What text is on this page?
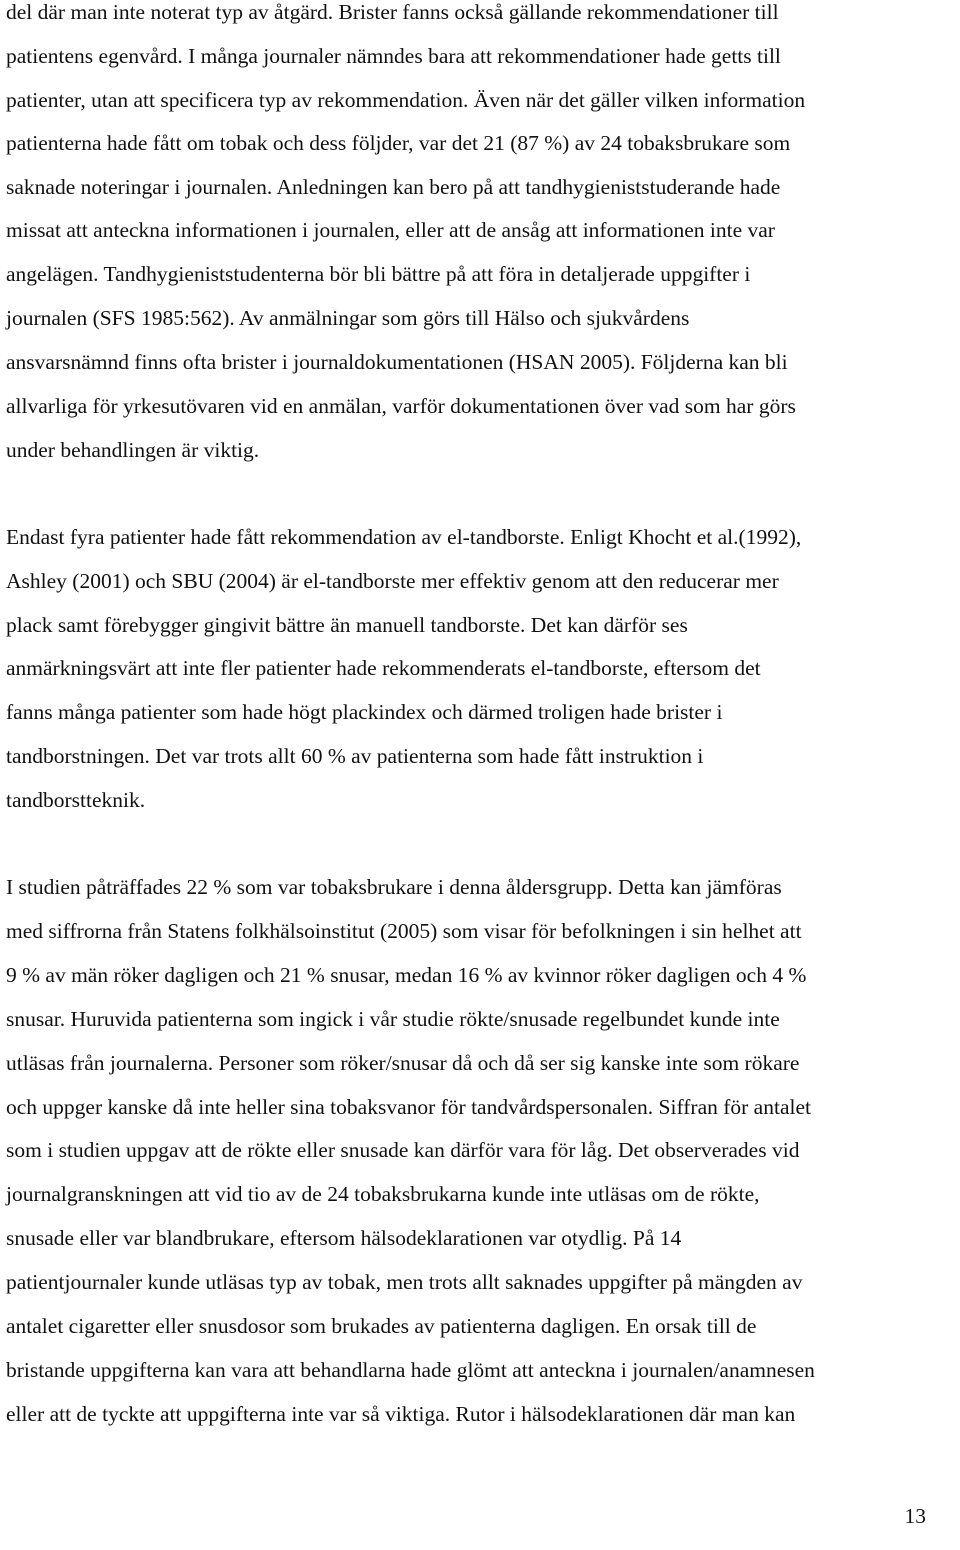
del där man inte noterat typ av åtgärd. Brister fanns också gällande rekommendationer till
patientens egenvård. I många journaler nämndes bara att rekommendationer hade getts till
patienter, utan att specificera typ av rekommendation. Även när det gäller vilken information
patienterna hade fått om tobak och dess följder, var det 21 (87 %) av 24 tobaksbrukare som
saknade noteringar i journalen. Anledningen kan bero på att tandhygieniststuderande hade
missat att anteckna informationen i journalen, eller att de ansåg att informationen inte var
angelägen. Tandhygieniststudenterna bör bli bättre på att föra in detaljerade uppgifter i
journalen (SFS 1985:562). Av anmälningar som görs till Hälso och sjukvårdens
ansvarsnämnd finns ofta brister i journaldokumentationen (HSAN 2005). Följderna kan bli
allvarliga för yrkesutövaren vid en anmälan, varför dokumentationen över vad som har görs
under behandlingen är viktig.
Endast fyra patienter hade fått rekommendation av el-tandborste. Enligt Khocht et al.(1992),
Ashley (2001) och SBU (2004) är el-tandborste mer effektiv genom att den reducerar mer
plack samt förebygger gingivit bättre än manuell tandborste. Det kan därför ses
anmärkningsvärt att inte fler patienter hade rekommenderats el-tandborste, eftersom det
fanns många patienter som hade högt plackindex och därmed troligen hade brister i
tandborstningen. Det var trots allt 60 % av patienterna som hade fått instruktion i
tandborstteknik.
I studien påträffades 22 % som var tobaksbrukare i denna åldersgrupp. Detta kan jämföras
med siffrorna från Statens folkhälsoinstitut (2005) som visar för befolkningen i sin helhet att
9 % av män röker dagligen och 21 % snusar, medan 16 % av kvinnor röker dagligen och 4 %
snusar. Huruvida patienterna som ingick i vår studie rökte/snusade regelbundet kunde inte
utläsas från journalerna. Personer som röker/snusar då och då ser sig kanske inte som rökare
och uppger kanske då inte heller sina tobaksvanor för tandvårdspersonalen. Siffran för antalet
som i studien uppgav att de rökte eller snusade kan därför vara för låg. Det observerades vid
journalgranskningen att vid tio av de 24 tobaksbrukarna kunde inte utläsas om de rökte,
snusade eller var blandbrukare, eftersom hälsodeklarationen var otydlig. På 14
patientjournaler kunde utläsas typ av tobak, men trots allt saknades uppgifter på mängden av
antalet cigaretter eller snusdosor som brukades av patienterna dagligen. En orsak till de
bristande uppgifterna kan vara att behandlarna hade glömt att anteckna i journalen/anamnesen
eller att de tyckte att uppgifterna inte var så viktiga. Rutor i hälsodeklarationen där man kan
13
